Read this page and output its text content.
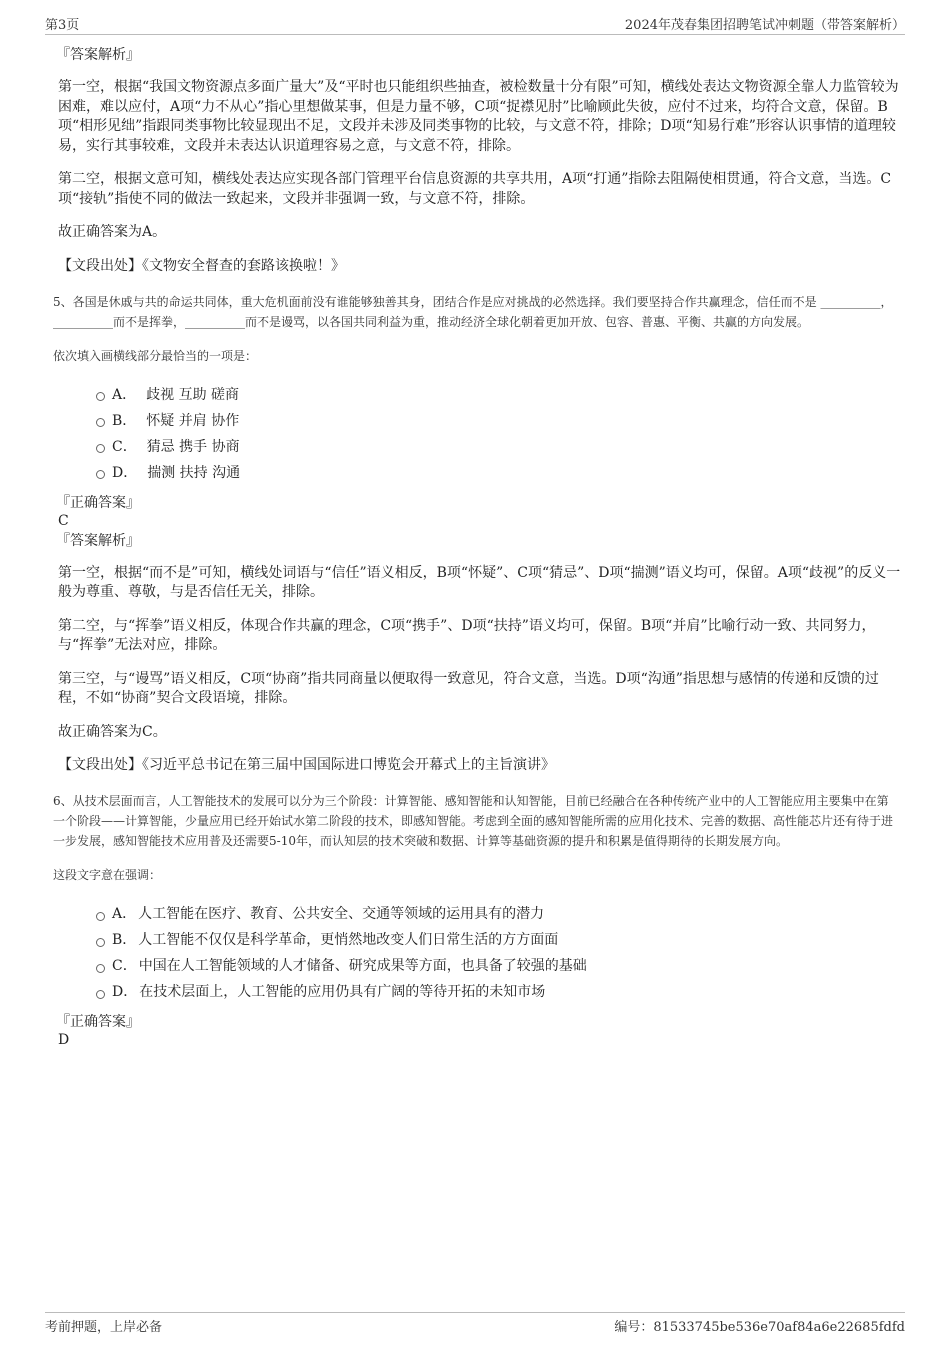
第3页	2024年茂春集团招聘笔试冲刺题（带答案解析）
『答案解析』

第一空，根据“我国文物资源点多面广量大”及“平时也只能组织些抽查，被检数量十分有限”可知，横线处表达文物资源全靠人力监管较为困难，难以应付，A项“力不从心”指心里想做某事，但是力量不够，C项“捉襟见肘”比喻顾此失彼，应付不过来，均符合文意，保留。B项“相形见绌”指跟同类事物比较显现出不足，文段并未涉及同类事物的比较，与文意不符，排除；D项“知易行难”形容认识事情的道理较易，实行其事较难，文段并未表达认识道理容易之意，与文意不符，排除。

第二空，根据文意可知，横线处表达应实现各部门管理平台信息资源的共享共用，A项“打通”指除去阻隔使相贯通，符合文意，当选。C项“接轨”指使不同的做法一致起来，文段并非强调一致，与文意不符，排除。

故正确答案为A。

【文段出处】《文物安全督查的套路该换啦！》

5、各国是休戚与共的命运共同体，重大危机面前没有谁能够独善其身，团结合作是应对挑战的必然选择。我们要坚持合作共赢理念，信任而不是 __________，__________而不是挥拳，__________而不是谩骂，以各国共同利益为重，推动经济全球化朝着更加开放、包容、普惠、平衡、共赢的方向发展。

依次填入画横线部分最恰当的一项是：

A． 歧视 互助 磋商
B． 怀疑 并肩 协作
C． 猜忌 携手 协商
D． 揣测 扶持 沟通
『正确答案』
C
『答案解析』

第一空，根据“而不是”可知，横线处词语与“信任”语义相反，B项“怀疑”、C项“猜忌”、D项“揣测”语义均可，保留。A项“歧视”的反义一般为尊重、尊敬，与是否信任无关，排除。

第二空，与“挥拳”语义相反，体现合作共赢的理念，C项“携手”、D项“扶持”语义均可，保留。B项“并肩”比喻行动一致、共同努力，与“挥拳”无法对应，排除。

第三空，与“谩骂”语义相反，C项“协商”指共同商量以便取得一致意见，符合文意，当选。D项“沟通”指思想与感情的传递和反馈的过程，不如“协商”契合文段语境，排除。

故正确答案为C。

【文段出处】《习近平总书记在第三届中国国际进口博览会开幕式上的主旨演讲》

6、从技术层面而言，人工智能技术的发展可以分为三个阶段：计算智能、感知智能和认知智能，目前已经融合在各种传统产业中的人工智能应用主要集中在第一个阶段——计算智能，少量应用已经开始试水第二阶段的技术，即感知智能。考虑到全面的感知智能所需的应用化技术、完善的数据、高性能芯片还有待于进一步发展，感知智能技术应用普及还需要5-10年，而认知层的技术突破和数据、计算等基础资源的提升和积累是值得期待的长期发展方向。

这段文字意在强调：

A． 人工智能在医疗、教育、公共安全、交通等领域的运用具有的潜力
B． 人工智能不仅仅是科学革命，更悄然地改变人们日常生活的方方面面
C． 中国在人工智能领域的人才储备、研究成果等方面，也具备了较强的基础
D． 在技术层面上，人工智能的应用仍具有广阔的等待开拓的未知市场
『正确答案』
D
考前押题，上岸必备	编号：81533745be536e70af84a6e22685fdfd
